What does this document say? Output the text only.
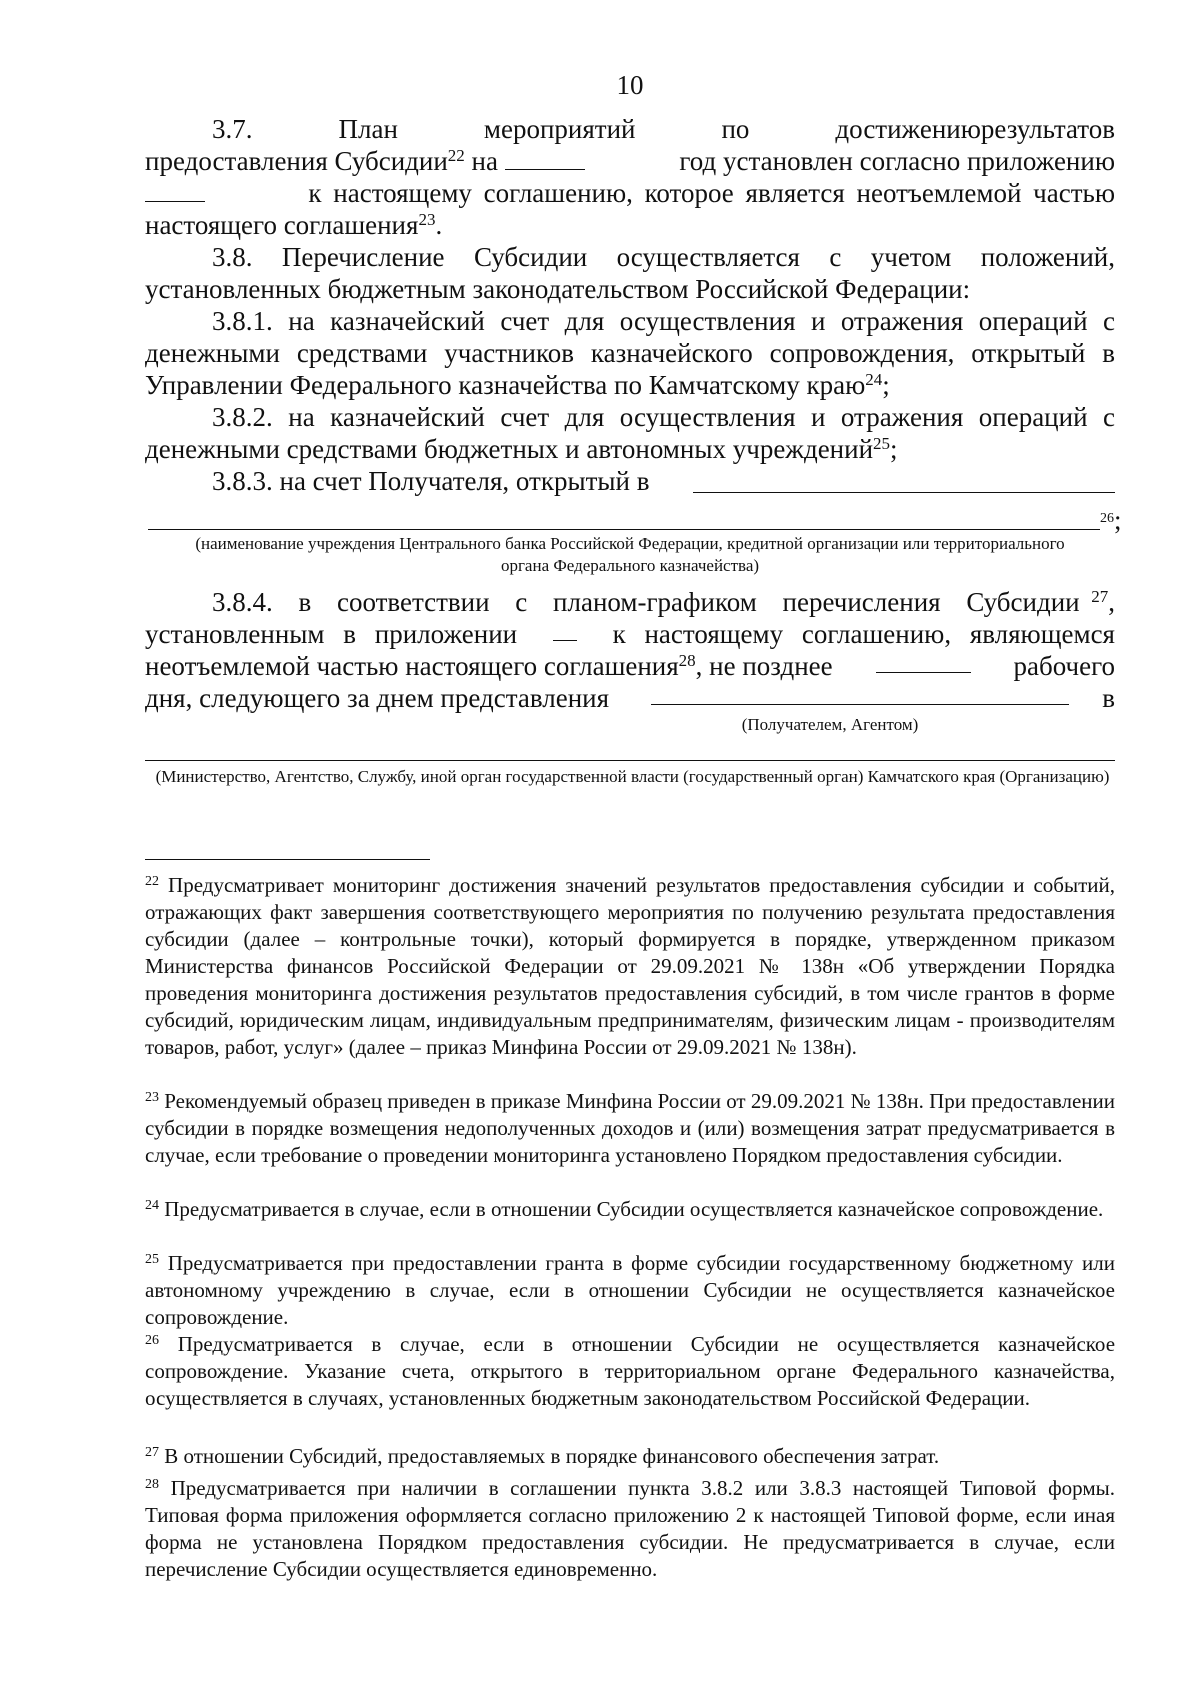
10
3.7. План мероприятий по достижению результатов
предоставления Субсидии$^{22}$ на	год установлен согласно приложению
к настоящему соглашению, которое является неотъемлемой частью
настоящего соглашения$^{23}$.
3.8. Перечисление Субсидии осуществляется с учетом положений,
установленных бюджетным законодательством Российской Федерации:
3.8.1. на казначейский счет для осуществления и отражения операций с
денежными средствами участников казначейского сопровождения, открытый в
Управлении Федерального казначейства по Камчатскому краю$^{24}$;
3.8.2. на казначейский счет для осуществления и отражения операций с
денежными средствами бюджетных и автономных учреждений$^{25}$;
3.8.3. на счет Получателя, открытый в
$^{26}$;
(наименование учреждения Центрального банка Российской Федерации, кредитной организации или территориального органа Федерального казначейства)
3.8.4. в соответствии с планом-графиком перечисления Субсидии $^{27}$,
установленным в приложении	к настоящему соглашению, являющемся
неотъемлемой частью настоящего соглашения$^{28}$, не позднее	рабочего
дня, следующего за днем представления	в
(Получателем, Агентом)
(Министерство, Агентство, Службу, иной орган государственной власти (государственный орган) Камчатского края (Организацию)

$^{22}$ Предусматривает мониторинг достижения значений результатов предоставления субсидии и событий, отражающих факт завершения соответствующего мероприятия по получению результата предоставления субсидии (далее – контрольные точки), который формируется в порядке, утвержденном приказом Министерства финансов Российской Федерации от 29.09.2021 № 138н «Об утверждении Порядка проведения мониторинга достижения результатов предоставления субсидий, в том числе грантов в форме субсидий, юридическим лицам, индивидуальным предпринимателям, физическим лицам - производителям товаров, работ, услуг» (далее – приказ Минфина России от 29.09.2021 № 138н).

$^{23}$ Рекомендуемый образец приведен в приказе Минфина России от 29.09.2021 № 138н. При предоставлении субсидии в порядке возмещения недополученных доходов и (или) возмещения затрат предусматривается в случае, если требование о проведении мониторинга установлено Порядком предоставления субсидии.

$^{24}$ Предусматривается в случае, если в отношении Субсидии осуществляется казначейское сопровождение.

$^{25}$ Предусматривается при предоставлении гранта в форме субсидии государственному бюджетному или автономному учреждению в случае, если в отношении Субсидии не осуществляется казначейское сопровождение.

$^{26}$ Предусматривается в случае, если в отношении Субсидии не осуществляется казначейское сопровождение. Указание счета, открытого в территориальном органе Федерального казначейства, осуществляется в случаях, установленных бюджетным законодательством Российской Федерации.

$^{27}$ В отношении Субсидий, предоставляемых в порядке финансового обеспечения затрат.

$^{28}$ Предусматривается при наличии в соглашении пункта 3.8.2 или 3.8.3 настоящей Типовой формы. Типовая форма приложения оформляется согласно приложению 2 к настоящей Типовой форме, если иная форма не установлена Порядком предоставления субсидии. Не предусматривается в случае, если перечисление Субсидии осуществляется единовременно.
